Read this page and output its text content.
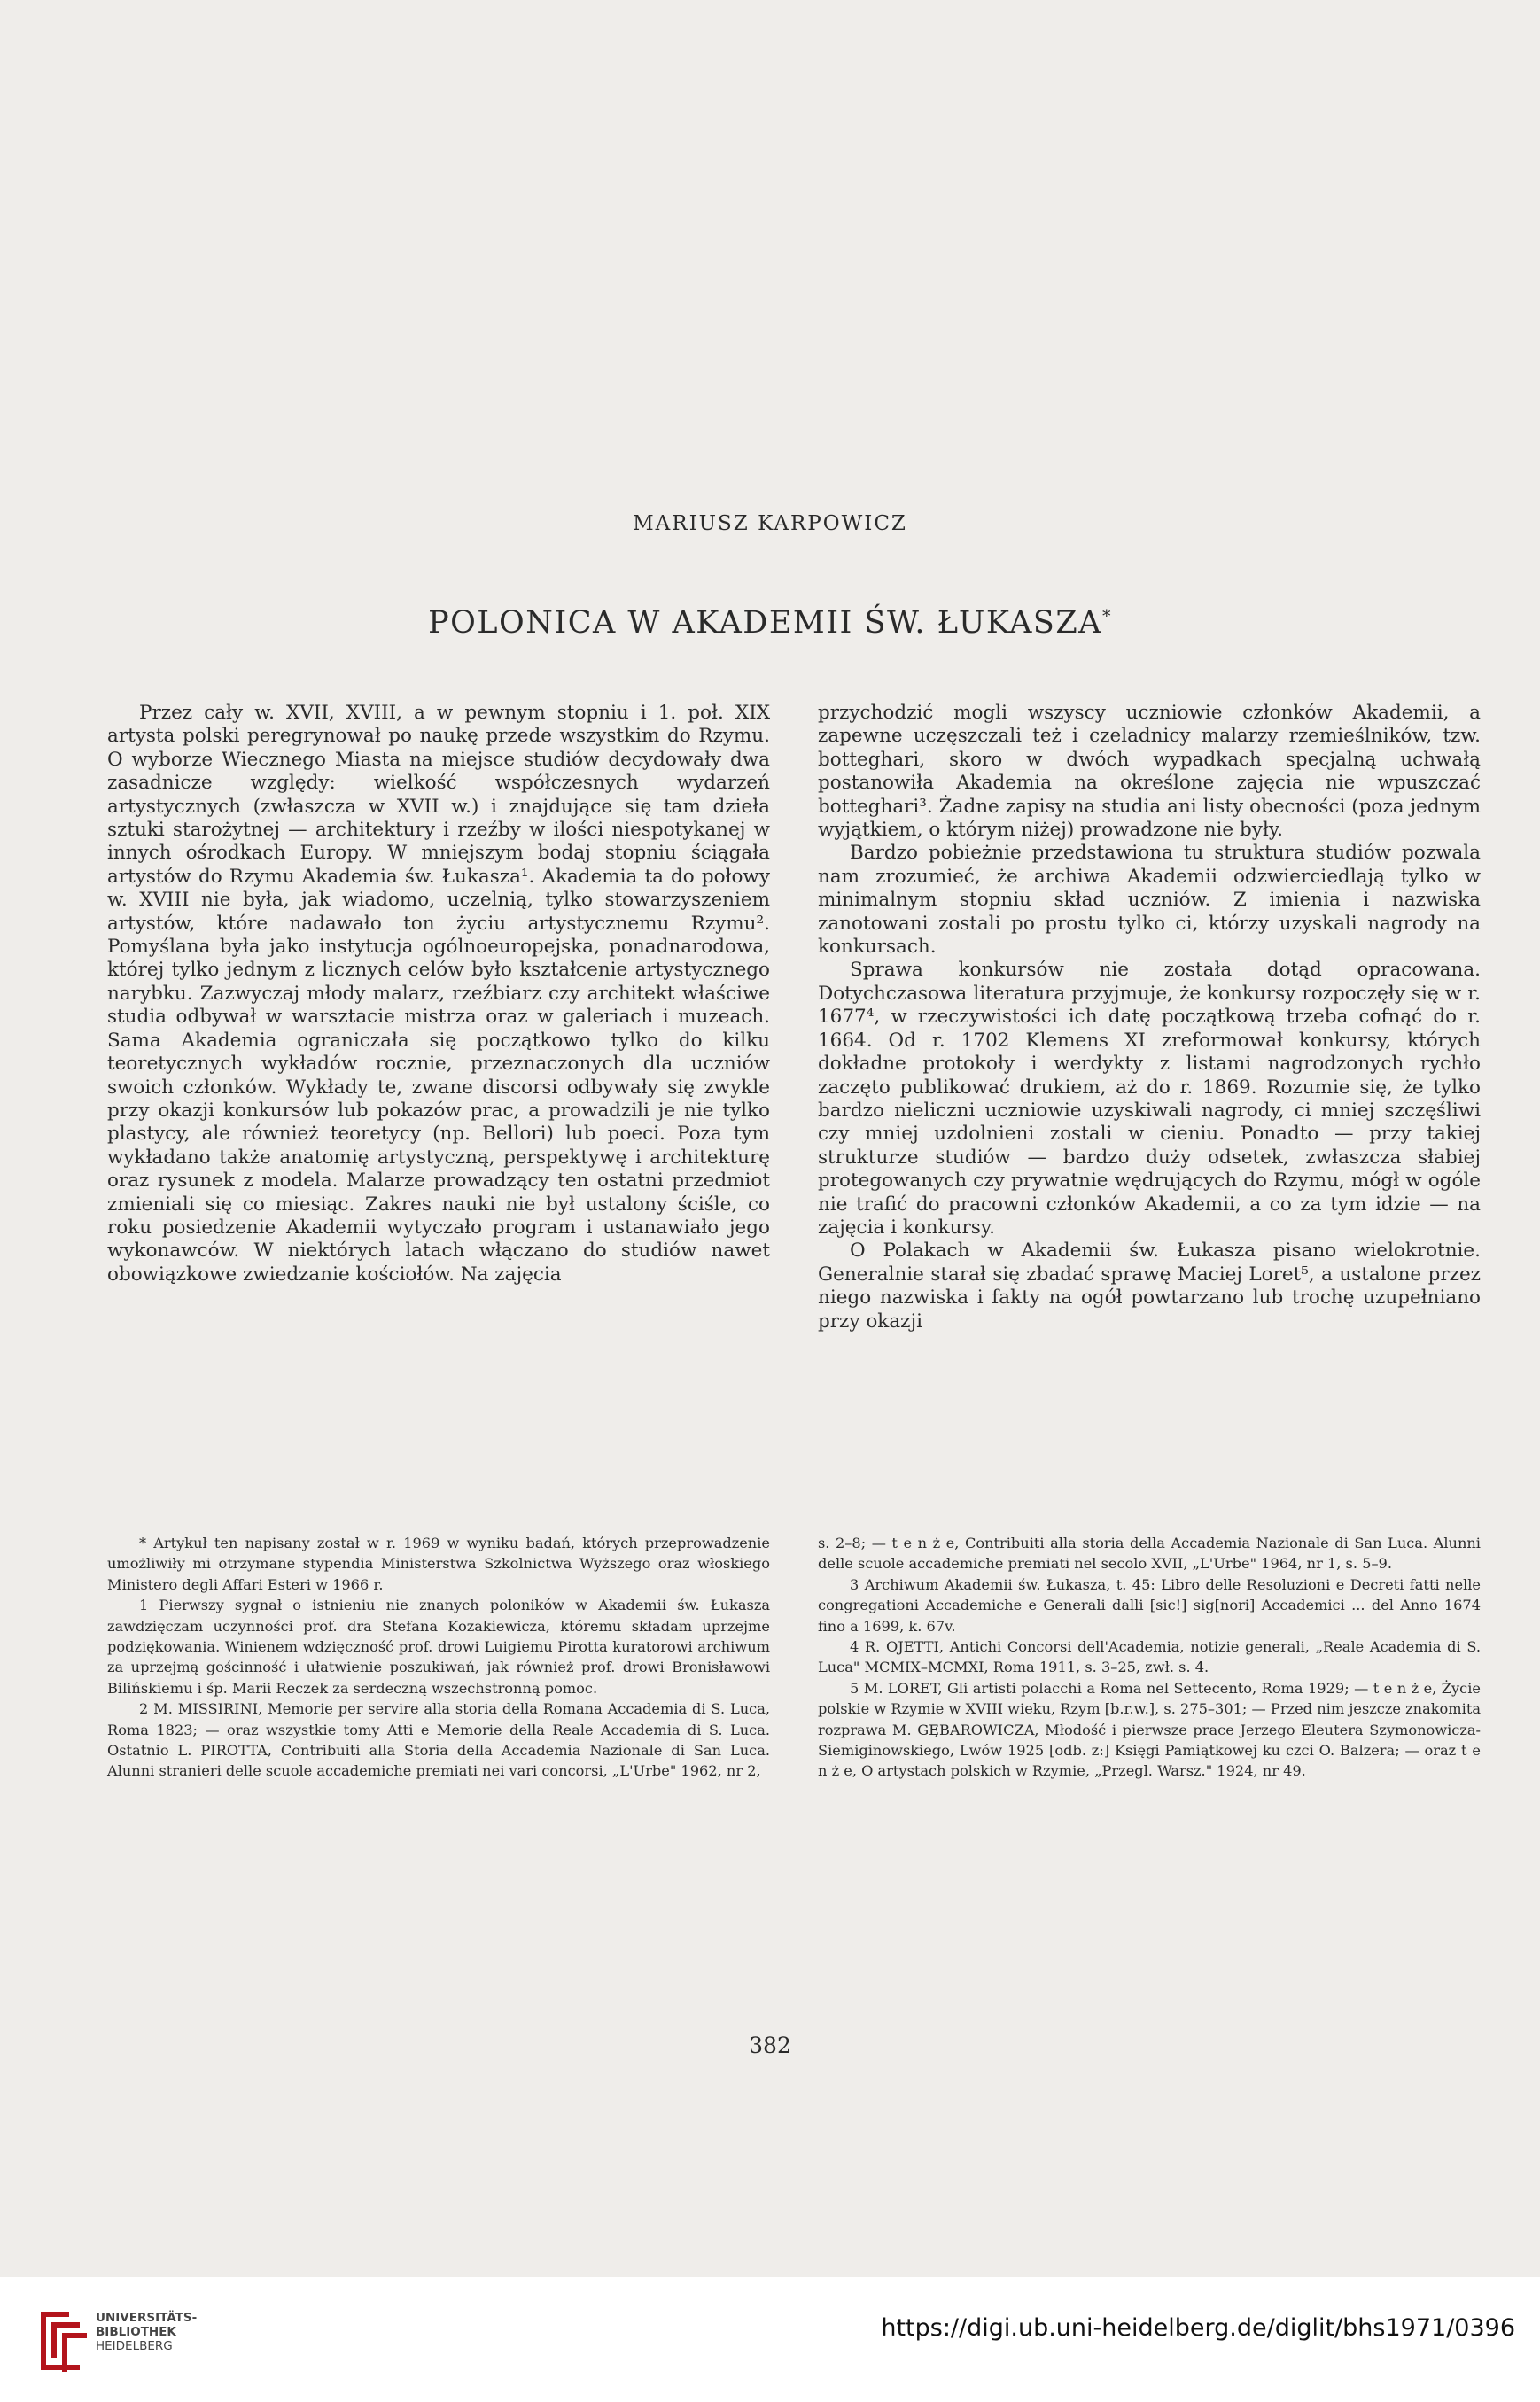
MARIUSZ KARPOWICZ
POLONICA W AKADEMII ŚW. ŁUKASZA*

Przez cały w. XVII, XVIII, a w pewnym stopniu i 1. poł. XIX artysta polski peregrynował po naukę przede wszystkim do Rzymu. O wyborze Wiecznego Miasta na miejsce studiów decydowały dwa zasadnicze względy: wielkość współczesnych wydarzeń artystycznych (zwłaszcza w XVII w.) i znajdujące się tam dzieła sztuki starożytnej — architektury i rzeźby w ilości niespotykanej w innych ośrodkach Europy. W mniejszym bodaj stopniu ściągała artystów do Rzymu Akademia św. Łukasza¹. Akademia ta do połowy w. XVIII nie była, jak wiadomo, uczelnią, tylko stowarzyszeniem artystów, które nadawało ton życiu artystycznemu Rzymu². Pomyślana była jako instytucja ogólnoeuropejska, ponadnarodowa, której tylko jednym z licznych celów było kształcenie artystycznego narybku. Zazwyczaj młody malarz, rzeźbiarz czy architekt właściwe studia odbywał w warsztacie mistrza oraz w galeriach i muzeach. Sama Akademia ograniczała się początkowo tylko do kilku teoretycznych wykładów rocznie, przeznaczonych dla uczniów swoich członków. Wykłady te, zwane discorsi odbywały się zwykle przy okazji konkursów lub pokazów prac, a prowadzili je nie tylko plastycy, ale również teoretycy (np. Bellori) lub poeci. Poza tym wykładano także anatomię artystyczną, perspektywę i architekturę oraz rysunek z modela. Malarze prowadzący ten ostatni przedmiot zmieniali się co miesiąc. Zakres nauki nie był ustalony ściśle, co roku posiedzenie Akademii wytyczało program i ustanawiało jego wykonawców. W niektórych latach włączano do studiów nawet obowiązkowe zwiedzanie kościołów. Na zajęcia

przychodzić mogli wszyscy uczniowie członków Akademii, a zapewne uczęszczali też i czeladnicy malarzy rzemieślników, tzw. botteghari, skoro w dwóch wypadkach specjalną uchwałą postanowiła Akademia na określone zajęcia nie wpuszczać botteghari³. Żadne zapisy na studia ani listy obecności (poza jednym wyjątkiem, o którym niżej) prowadzone nie były.

Bardzo pobieżnie przedstawiona tu struktura studiów pozwala nam zrozumieć, że archiwa Akademii odzwierciedlają tylko w minimalnym stopniu skład uczniów. Z imienia i nazwiska zanotowani zostali po prostu tylko ci, którzy uzyskali nagrody na konkursach.

Sprawa konkursów nie została dotąd opracowana. Dotychczasowa literatura przyjmuje, że konkursy rozpoczęły się w r. 1677⁴, w rzeczywistości ich datę początkową trzeba cofnąć do r. 1664. Od r. 1702 Klemens XI zreformował konkursy, których dokładne protokoły i werdykty z listami nagrodzonych rychło zaczęto publikować drukiem, aż do r. 1869. Rozumie się, że tylko bardzo nieliczni uczniowie uzyskiwali nagrody, ci mniej szczęśliwi czy mniej uzdolnieni zostali w cieniu. Ponadto — przy takiej strukturze studiów — bardzo duży odsetek, zwłaszcza słabiej protegowanych czy prywatnie wędrujących do Rzymu, mógł w ogóle nie trafić do pracowni członków Akademii, a co za tym idzie — na zajęcia i konkursy.

O Polakach w Akademii św. Łukasza pisano wielokrotnie. Generalnie starał się zbadać sprawę Maciej Loret⁵, a ustalone przez niego nazwiska i fakty na ogół powtarzano lub trochę uzupełniano przy okazji

* Artykuł ten napisany został w r. 1969 w wyniku badań, których przeprowadzenie umożliwiły mi otrzymane stypendia Ministerstwa Szkolnictwa Wyższego oraz włoskiego Ministero degli Affari Esteri w 1966 r.

1 Pierwszy sygnał o istnieniu nie znanych poloników w Akademii św. Łukasza zawdzięczam uczynności prof. dra Stefana Kozakiewicza, któremu składam uprzejme podziękowania. Winienem wdzięczność prof. drowi Luigiemu Pirotta kuratorowi archiwum za uprzejmą gościnność i ułatwienie poszukiwań, jak również prof. drowi Bronisławowi Bilińskiemu i śp. Marii Reczek za serdeczną wszechstronną pomoc.

2 M. MISSIRINI, Memorie per servire alla storia della Romana Accademia di S. Luca, Roma 1823; — oraz wszystkie tomy Atti e Memorie della Reale Accademia di S. Luca. Ostatnio L. PIROTTA, Contribuiti alla Storia della Accademia Nazionale di San Luca. Alunni stranieri delle scuole accademiche premiati nei vari concorsi, „L'Urbe" 1962, nr 2,

s. 2–8; — t e n ż e, Contribuiti alla storia della Accademia Nazionale di San Luca. Alunni delle scuole accademiche premiati nel secolo XVII, „L'Urbe" 1964, nr 1, s. 5–9.

3 Archiwum Akademii św. Łukasza, t. 45: Libro delle Resoluzioni e Decreti fatti nelle congregationi Accademiche e Generali dalli [sic!] sig[nori] Accademici ... del Anno 1674 fino a 1699, k. 67v.

4 R. OJETTI, Antichi Concorsi dell'Academia, notizie generali, „Reale Academia di S. Luca" MCMIX–MCMXI, Roma 1911, s. 3–25, zwł. s. 4.

5 M. LORET, Gli artisti polacchi a Roma nel Settecento, Roma 1929; — t e n ż e, Życie polskie w Rzymie w XVIII wieku, Rzym [b.r.w.], s. 275–301; — Przed nim jeszcze znakomita rozprawa M. GĘBAROWICZA, Młodość i pierwsze prace Jerzego Eleutera Szymonowicza-Siemiginowskiego, Lwów 1925 [odb. z:] Księgi Pamiątkowej ku czci O. Balzera; — oraz t e n ż e, O artystach polskich w Rzymie, „Przegl. Warsz." 1924, nr 49.

382
UNIVERSITÄTS-
BIBLIOTHEK
HEIDELBERG
https://digi.ub.uni-heidelberg.de/diglit/bhs1971/0396
